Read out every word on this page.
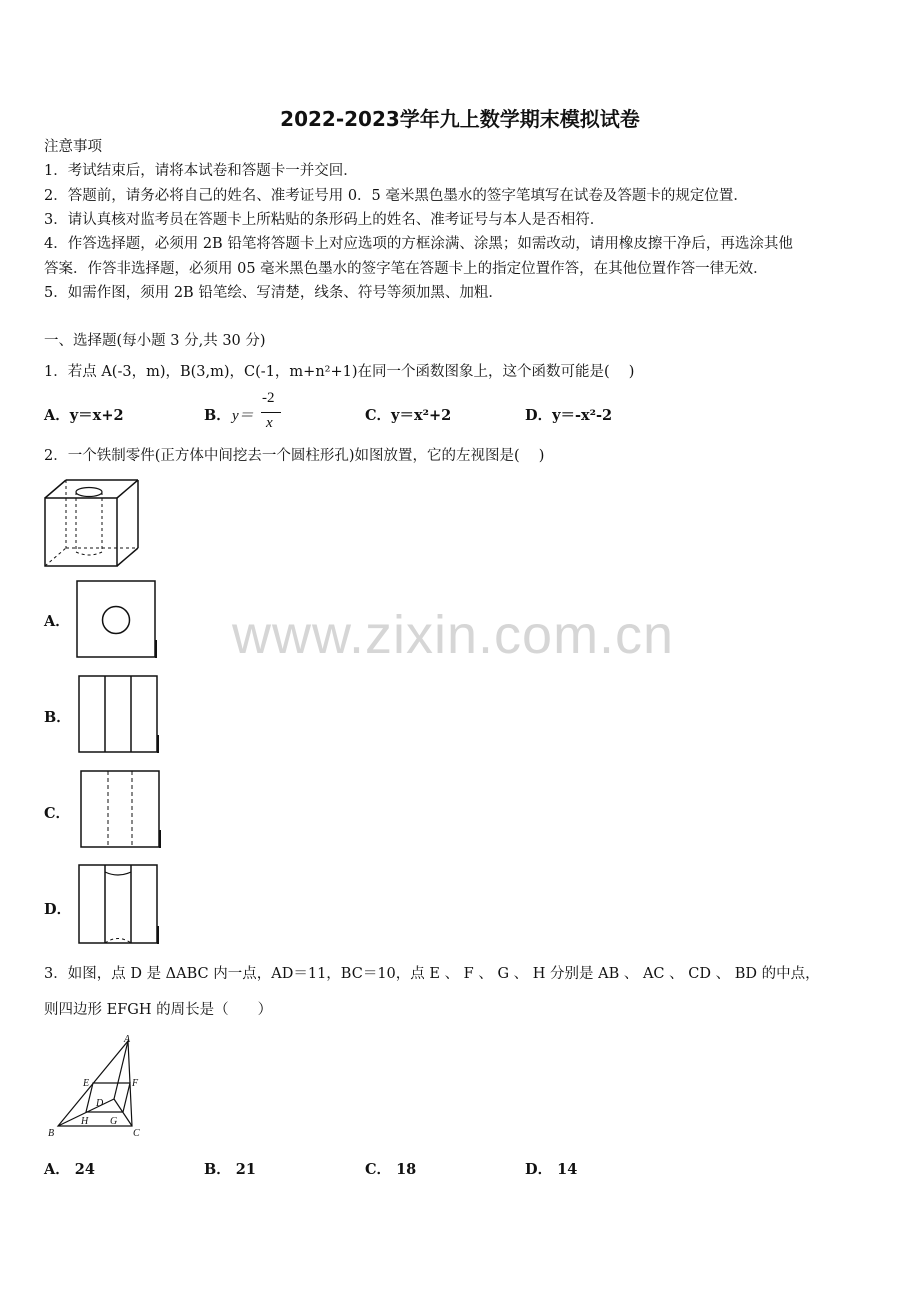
www.zixin.com.cn
2022-2023学年九上数学期末模拟试卷
注意事项
1．考试结束后，请将本试卷和答题卡一并交回．
2．答题前，请务必将自己的姓名、准考证号用 0．5 毫米黑色墨水的签字笔填写在试卷及答题卡的规定位置．
3．请认真核对监考员在答题卡上所粘贴的条形码上的姓名、准考证号与本人是否相符．
4．作答选择题，必须用 2B 铅笔将答题卡上对应选项的方框涂满、涂黑；如需改动，请用橡皮擦干净后，再选涂其他
答案．作答非选择题，必须用 05 毫米黑色墨水的签字笔在答题卡上的指定位置作答，在其他位置作答一律无效．
5．如需作图，须用 2B 铅笔绘、写清楚，线条、符号等须加黑、加粗．
一、选择题(每小题 3 分,共 30 分)
1．若点 A(-3，m)，B(3,m)，C(-1，m+n²+1)在同一个函数图象上，这个函数可能是(　 )
A．y＝x+2	B． y＝
-2
x	C．y＝x²+2	D．y＝-x²-2
2．一个铁制零件(正方体中间挖去一个圆柱形孔)如图放置，它的左视图是(　 )
A．
B．
C．
D．
3．如图，点 D 是 ΔABC 内一点，AD＝11，BC＝10，点 E 、 F 、 G 、 H 分别是 AB 、 AC 、 CD 、 BD 的中点，
则四边形 EFGH 的周长是（　　）
A
B	C
D
E	F
G
H
A． 24	B． 21	C． 18	D． 14
